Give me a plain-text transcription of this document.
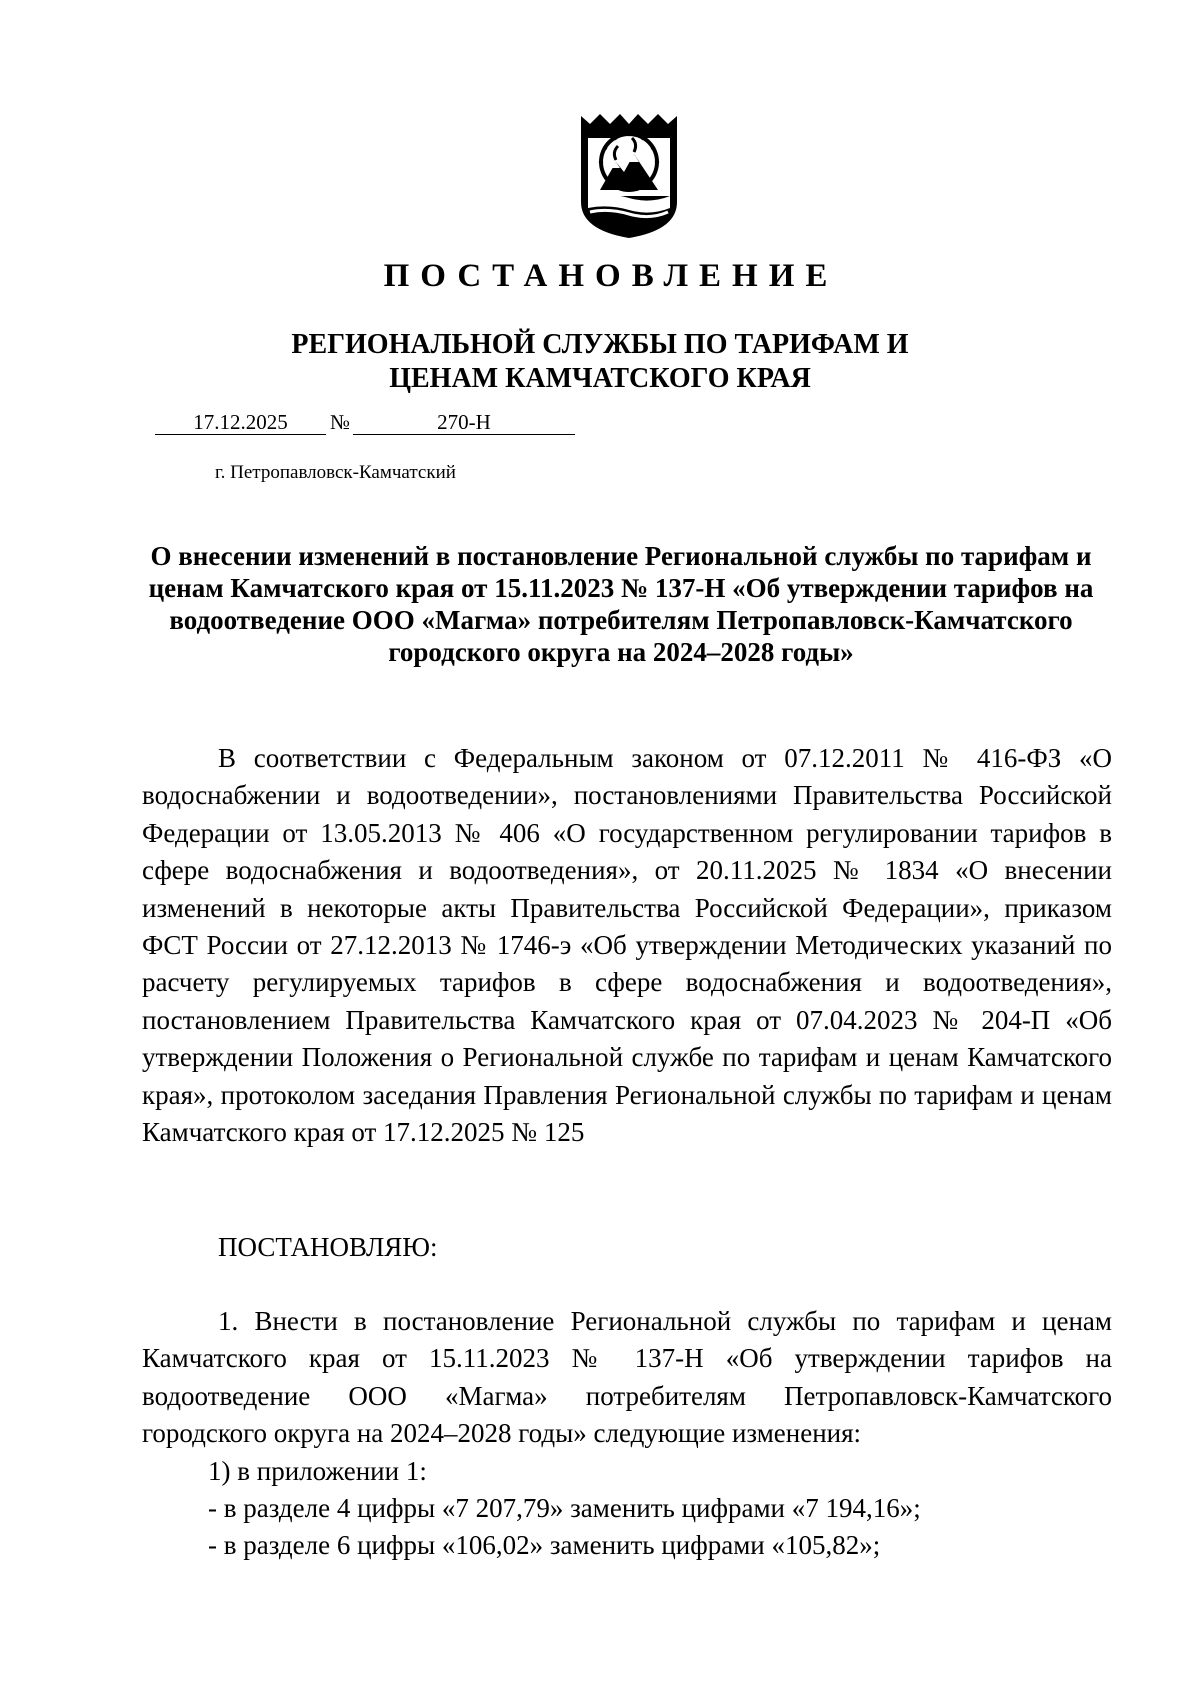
ПОСТАНОВЛЕНИЕ
РЕГИОНАЛЬНОЙ СЛУЖБЫ ПО ТАРИФАМ И ЦЕНАМ КАМЧАТСКОГО КРАЯ
17.12.2025	№	270-Н
г. Петропавловск-Камчатский
О внесении изменений в постановление Региональной службы по тарифам и ценам Камчатского края от 15.11.2023 № 137-Н «Об утверждении тарифов на водоотведение ООО «Магма» потребителям Петропавловск-Камчатского городского округа на 2024–2028 годы»
В соответствии с Федеральным законом от 07.12.2011 № 416-ФЗ «О водоснабжении и водоотведении», постановлениями Правительства Российской Федерации от 13.05.2013 № 406 «О государственном регулировании тарифов в сфере водоснабжения и водоотведения», от 20.11.2025 № 1834 «О внесении изменений в некоторые акты Правительства Российской Федерации», приказом ФСТ России от 27.12.2013 № 1746-э «Об утверждении Методических указаний по расчету регулируемых тарифов в сфере водоснабжения и водоотведения», постановлением Правительства Камчатского края от 07.04.2023 № 204-П «Об утверждении Положения о Региональной службе по тарифам и ценам Камчатского края», протоколом заседания Правления Региональной службы по тарифам и ценам Камчатского края от 17.12.2025 № 125
ПОСТАНОВЛЯЮ:
1. Внести в постановление Региональной службы по тарифам и ценам Камчатского края от 15.11.2023 № 137-Н «Об утверждении тарифов на водоотведение ООО «Магма» потребителям Петропавловск-Камчатского городского округа на 2024–2028 годы» следующие изменения:
1) в приложении 1:
- в разделе 4 цифры «7 207,79» заменить цифрами «7 194,16»;
- в разделе 6 цифры «106,02» заменить цифрами «105,82»;
